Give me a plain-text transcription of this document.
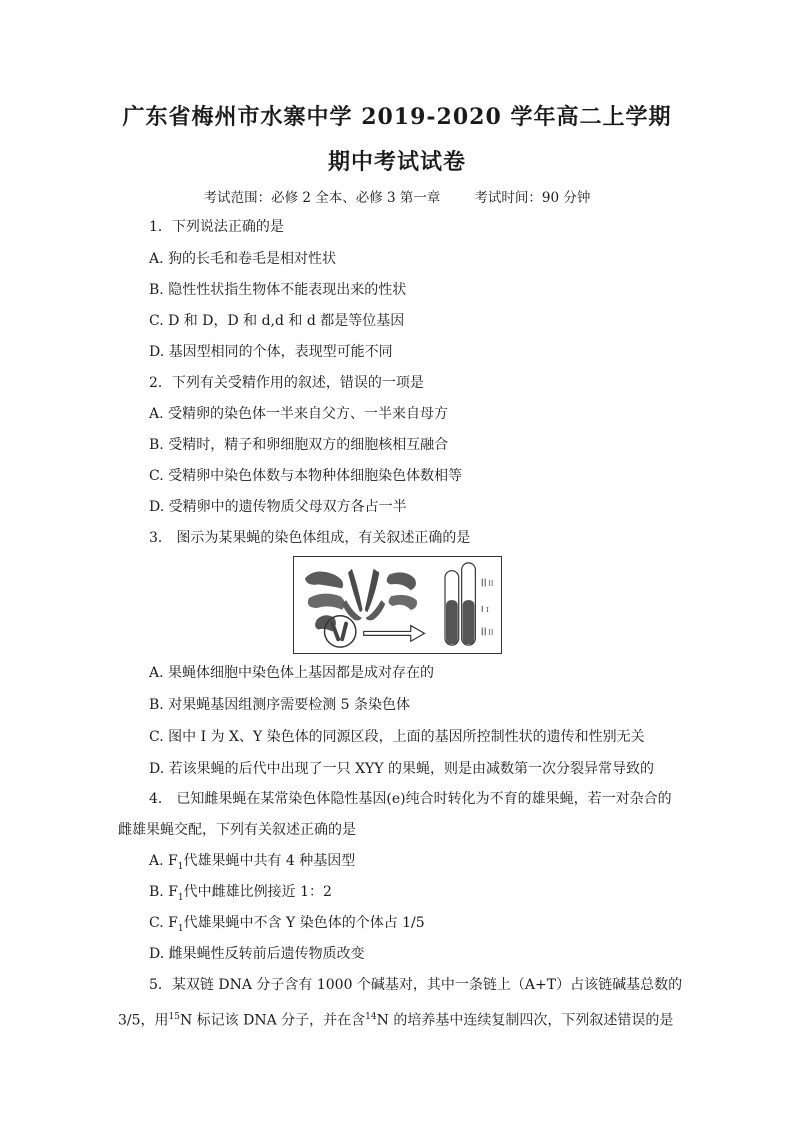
广东省梅州市水寨中学 2019-2020 学年高二上学期
期中考试试卷
考试范围：必修 2 全本、必修 3 第一章	考试时间：90 分钟
1．下列说法正确的是
A. 狗的长毛和卷毛是相对性状
B. 隐性性状指生物体不能表现出来的性状
C. D 和 D，D 和 d,d 和 d 都是等位基因
D. 基因型相同的个体，表现型可能不同
2．下列有关受精作用的叙述，错误的一项是
A. 受精卵的染色体一半来自父方、一半来自母方
B. 受精时，精子和卵细胞双方的细胞核相互融合
C. 受精卵中染色体数与本物种体细胞染色体数相等
D. 受精卵中的遗传物质父母双方各占一半
3． 图示为某果蝇的染色体组成，有关叙述正确的是
II
I
II
A. 果蝇体细胞中染色体上基因都是成对存在的
B. 对果蝇基因组测序需要检测 5 条染色体
C. 图中 I 为 X、Y 染色体的同源区段，上面的基因所控制性状的遗传和性别无关
D. 若该果蝇的后代中出现了一只 XYY 的果蝇，则是由减数第一次分裂异常导致的
4． 已知雌果蝇在某常染色体隐性基因(e)纯合时转化为不育的雄果蝇，若一对杂合的
雌雄果蝇交配，下列有关叙述正确的是
A. $F_1$代雄果蝇中共有 4 种基因型
B. $F_1$代中雌雄比例接近 1：2
C. $F_1$代雄果蝇中不含 Y 染色体的个体占 1/5
D. 雌果蝇性反转前后遗传物质改变
5．某双链 DNA 分子含有 1000 个碱基对，其中一条链上（A+T）占该链碱基总数的
3/5，用$^{15}$N 标记该 DNA 分子，并在含$^{14}$N 的培养基中连续复制四次，下列叙述错误的是
